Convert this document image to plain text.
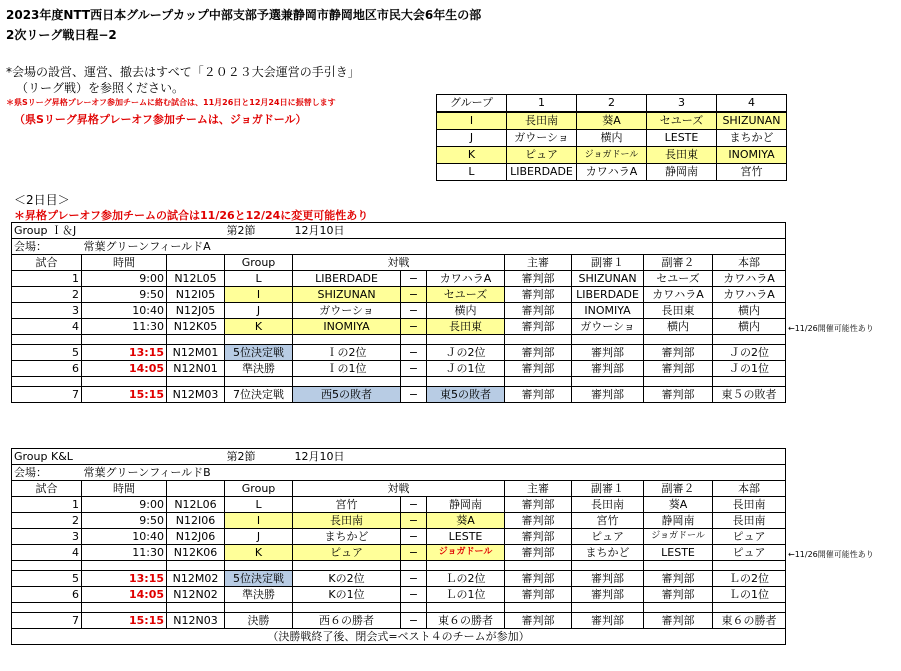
2023年度NTT西日本グループカップ中部支部予選兼静岡市静岡地区市民大会6年生の部
2次リーグ戦日程−2
*会場の設営、運営、撤去はすべて「２０２３大会運営の手引き」
（リーグ戦）を参照ください。
＊県Sリーグ昇格プレーオフ参加チームに絡む試合は、11月26日と12月24日に振替します
（県Sリーグ昇格プレーオフ参加チームは、ジョガドール）
＜2日目＞
＊昇格プレーオフ参加チームの試合は11/26と12/24に変更可能性あり
←11/26開催可能性あり
←11/26開催可能性あり
グループ	1	2	3	4
I	長田南	葵A	セユーズ	SHIZUNAN
J	ガウーショ	横内	LESTE	まちかど
K	ピュア	ジョガドール	長田東	INOMIYA
L	LIBERDADE	カワハラA	静岡南	宮竹
Group Ｉ＆J			第2節	12月10日						
会場：	常葉グリーンフィールドA									
試合	時間		Group	対戦			主審	副審１	副審２	本部
1	9:00	N12L05	L	LIBERDADE	−	カワハラA	審判部	SHIZUNAN	セユーズ	カワハラA
2	9:50	N12I05	I	SHIZUNAN	−	セユーズ	審判部	LIBERDADE	カワハラA	カワハラA
3	10:40	N12J05	J	ガウーショ	−	横内	審判部	INOMIYA	長田東	横内
4	11:30	N12K05	K	INOMIYA	−	長田東	審判部	ガウーショ	横内	横内

5	13:15	N12M01	5位決定戦	Ｉの2位	−	Ｊの2位	審判部	審判部	審判部	Ｊの2位
6	14:05	N12N01	準決勝	Ｉの1位	−	Ｊの1位	審判部	審判部	審判部	Ｊの1位

7	15:15	N12M03	7位決定戦	西5の敗者	−	東5の敗者	審判部	審判部	審判部	東５の敗者
Group K&L			第2節	12月10日						
会場：	常葉グリーンフィールドB									
試合	時間		Group	対戦			主審	副審１	副審２	本部
1	9:00	N12L06	L	宮竹	−	静岡南	審判部	長田南	葵A	長田南
2	9:50	N12I06	I	長田南	−	葵A	審判部	宮竹	静岡南	長田南
3	10:40	N12J06	J	まちかど	−	LESTE	審判部	ピュア	ジョガドール	ピュア
4	11:30	N12K06	K	ピュア	−	ジョガドール	審判部	まちかど	LESTE	ピュア

5	13:15	N12M02	5位決定戦	Kの2位	−	Ｌの2位	審判部	審判部	審判部	Ｌの2位
6	14:05	N12N02	準決勝	Kの1位	−	Ｌの1位	審判部	審判部	審判部	Ｌの1位

7	15:15	N12N03	決勝	西６の勝者	−	東６の勝者	審判部	審判部	審判部	東６の勝者
（決勝戦終了後、閉会式=ベスト４のチームが参加）										
